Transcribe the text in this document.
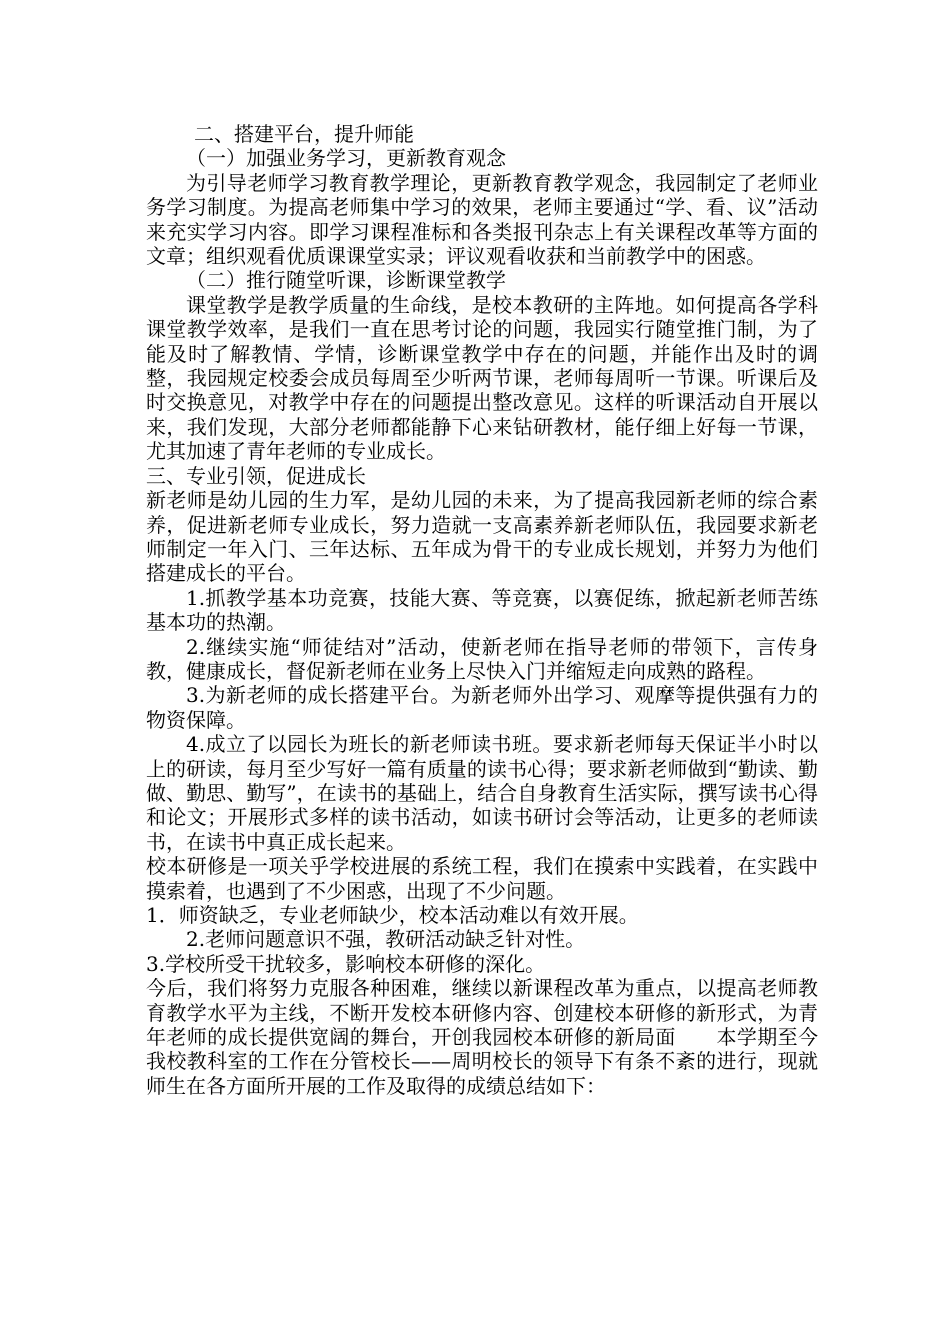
二、搭建平台，提升师能

（一）加强业务学习，更新教育观念

为引导老师学习教育教学理论，更新教育教学观念，我园制定了老师业务学习制度。为提高老师集中学习的效果，老师主要通过“学、看、议”活动来充实学习内容。即学习课程准标和各类报刊杂志上有关课程改革等方面的文章；组织观看优质课课堂实录；评议观看收获和当前教学中的困惑。

（二）推行随堂听课，诊断课堂教学

课堂教学是教学质量的生命线，是校本教研的主阵地。如何提高各学科课堂教学效率，是我们一直在思考讨论的问题，我园实行随堂推门制，为了能及时了解教情、学情，诊断课堂教学中存在的问题，并能作出及时的调整，我园规定校委会成员每周至少听两节课，老师每周听一节课。听课后及时交换意见，对教学中存在的问题提出整改意见。这样的听课活动自开展以来，我们发现，大部分老师都能静下心来钻研教材，能仔细上好每一节课，尤其加速了青年老师的专业成长。

三、专业引领，促进成长

新老师是幼儿园的生力军，是幼儿园的未来，为了提高我园新老师的综合素养，促进新老师专业成长，努力造就一支高素养新老师队伍，我园要求新老师制定一年入门、三年达标、五年成为骨干的专业成长规划，并努力为他们搭建成长的平台。

1.抓教学基本功竞赛，技能大赛、等竞赛，以赛促练，掀起新老师苦练基本功的热潮。

2.继续实施“师徒结对”活动，使新老师在指导老师的带领下，言传身教，健康成长，督促新老师在业务上尽快入门并缩短走向成熟的路程。

3.为新老师的成长搭建平台。为新老师外出学习、观摩等提供强有力的物资保障。

4.成立了以园长为班长的新老师读书班。要求新老师每天保证半小时以上的研读，每月至少写好一篇有质量的读书心得；要求新老师做到“勤读、勤做、勤思、勤写”，在读书的基础上，结合自身教育生活实际，撰写读书心得和论文；开展形式多样的读书活动，如读书研讨会等活动，让更多的老师读书，在读书中真正成长起来。

校本研修是一项关乎学校进展的系统工程，我们在摸索中实践着，在实践中摸索着，也遇到了不少困惑，出现了不少问题。

1．师资缺乏，专业老师缺少，校本活动难以有效开展。

2.老师问题意识不强，教研活动缺乏针对性。

3.学校所受干扰较多，影响校本研修的深化。

今后，我们将努力克服各种困难，继续以新课程改革为重点，以提高老师教育教学水平为主线，不断开发校本研修内容、创建校本研修的新形式，为青年老师的成长提供宽阔的舞台，开创我园校本研修的新局面　　本学期至今我校教科室的工作在分管校长——周明校长的领导下有条不紊的进行，现就师生在各方面所开展的工作及取得的成绩总结如下：
